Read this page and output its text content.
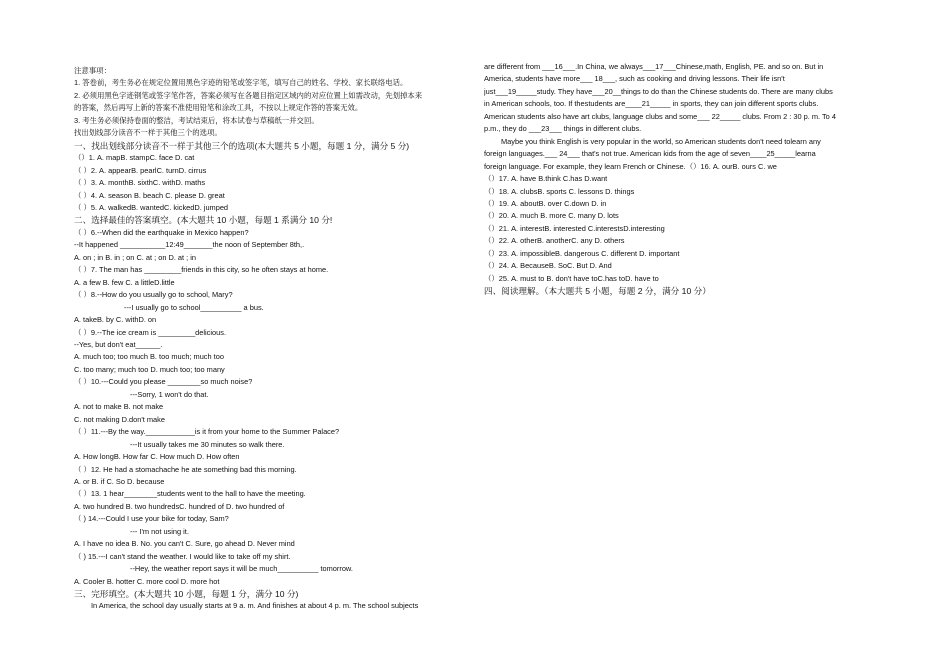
注意事项：
1. 答卷前，考生务必在规定位置用黑色字迹的铅笔或签字笔，填写自己的姓名、学校、家长联络电话。
2. 必须用黑色字迹钢笔或签字笔作答，答案必须写在各题目指定区域内的对应位置上如需改动，先划掉本来
的答案，然后再写上新的答案不准使用铅笔和涂改工具，不按以上规定作答的答案无效。
3. 考生务必须保持卷面的整洁，考试结束后，将本试卷与草稿纸一并交回。
找出划线部分读音不一样于其他三个的选项。
一、找出划线部分读音不一样于其他三个的选项(本大题共 5 小题，每题 1 分，满分 5 分)
（）1. A. mapB. stampC. face D. cat
（ ）2. A. appearB. pearlC. turnD. cirrus
（ ）3. A. monthB. sixthC. withD. maths
（ ）4. A. season B. beach C. please D. great
（ ）5. A. walkedB. wantedC. kickedD. jumped
二、选择最佳的答案填空。(本大题共 10 小题，每题 1 系满分 10 分!
（ ）6.--When did the earthquake in Mexico happen?
--It happened ___________12:49_______the noon of September 8th,.
A. on ; in B. in ; on C. at ; on D. at ; in
（ ）7. The man has _________friends in this city, so he often stays at home.
A. a few B. few C. a littleD.little
（ ）8.--How do you usually go to school, Mary?
---I usually go to school__________ a bus.
A. takeB. by C. withD. on
（ ）9.--The ice cream is _________delicious.
--Yes, but don't eat______.
A. much too; too much B. too much; much too
C. too many; much too D. much too; too many
（ ）10.---Could you please ________so much noise?
---Sorry, 1 won't do that.
A. not to make B. not make
C. not making D.don't make
（ ）11.---By the way.____________is it from your home to the Summer Palace?
---It usually takes me 30 minutes so walk there.
A. How longB. How far C. How much D. How often
（ ）12. He had a stomachache he ate something bad this morning.
A. or B. if C. So D. because
（ ）13. 1 hear________students went to the hall to have the meeting.
A. two hundred B. two hundredsC. hundred of D. two hundred of
（ ) 14.---Could I use your bike for today, Sam?
--- I'm not using it.
A. I have no idea B. No. you can't C. Sure, go ahead D. Never mind
（ ) 15.---I can't stand the weather. I would like to take off my shirt.
--Hey, the weather report says it will be much__________ tomorrow.
A. Cooler B. hotter C. more cool D. more hot
三、完形填空。(本大题共 10 小题，每题 1 分，满分 10 分)
In America, the school day usually starts at 9 a. m. And finishes at about 4 p. m. The school subjects
are different from ___16___.In China, we always___17___Chinese,math, English, PE. and so on. But in
America, students have more___ 18___, such as cooking and driving lessons. Their life isn't
just___19_____study. They have___20__things to do than the Chinese students do. There are many clubs
in American schools, too. If thestudents are____21_____ in sports, they can join different sports clubs.
American students also have art clubs, language clubs and some___ 22_____ clubs. From 2 : 30 p. m. To 4
p.m., they do ___23___ things in different clubs.
Maybe you think English is very popular in the world, so American students don't need tolearn any
foreign languages.___ 24___ that's not true. American kids from the age of seven____25_____learna
foreign language. For example, they learn French or Chinese.（）16. A. ourB. ours C. we
（）17. A. have B.think C.has D.want
（）18. A. clubsB. sports C. lessons D. things
（）19. A. aboutB. over C.down D. in
（）20. A. much B. more C. many D. lots
（）21. A. interestB. interested C.interestsD.interesting
（）22. A. otherB. anotherC. any D. others
（）23. A. impossibleB. dangerous C. different D. important
（）24. A. BecauseB. SoC. But D. And
（）25. A. must to B. don't have toC.has toD. have to
四、阅读理解。（本大题共 5 小题，每题 2 分，满分 10 分）
